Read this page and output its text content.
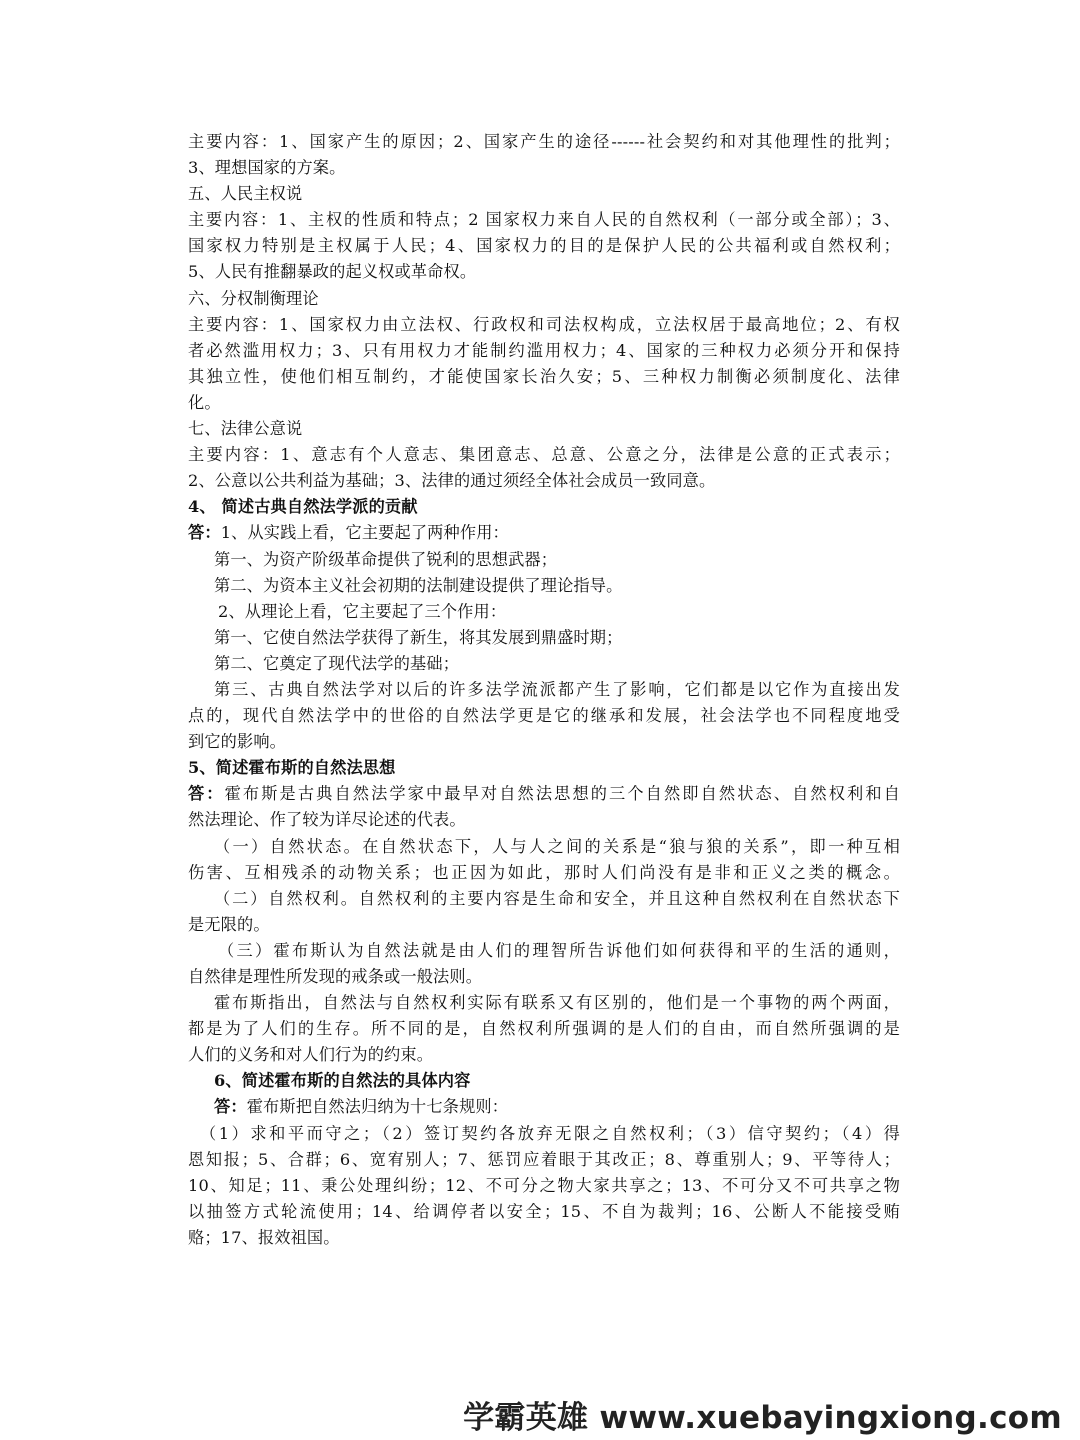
主要内容：1、国家产生的原因；2、国家产生的途径------社会契约和对其他理性的批判；
3、理想国家的方案。
五、人民主权说
主要内容：1、主权的性质和特点；2 国家权力来自人民的自然权利（一部分或全部）；3、
国家权力特别是主权属于人民；4、国家权力的目的是保护人民的公共福利或自然权利；
5、人民有推翻暴政的起义权或革命权。
六、分权制衡理论
主要内容：1、国家权力由立法权、行政权和司法权构成，立法权居于最高地位；2、有权
者必然滥用权力；3、只有用权力才能制约滥用权力；4、国家的三种权力必须分开和保持
其独立性，使他们相互制约，才能使国家长治久安；5、三种权力制衡必须制度化、法律
化。
七、法律公意说
主要内容：1、意志有个人意志、集团意志、总意、公意之分，法律是公意的正式表示；
2、公意以公共利益为基础；3、法律的通过须经全体社会成员一致同意。
4、 简述古典自然法学派的贡献
答：1、从实践上看，它主要起了两种作用：
第一、为资产阶级革命提供了锐利的思想武器；
第二、为资本主义社会初期的法制建设提供了理论指导。
2、从理论上看，它主要起了三个作用：
第一、它使自然法学获得了新生，将其发展到鼎盛时期；
第二、它奠定了现代法学的基础；
第三、古典自然法学对以后的许多法学流派都产生了影响，它们都是以它作为直接出发
点的，现代自然法学中的世俗的自然法学更是它的继承和发展，社会法学也不同程度地受
到它的影响。
5、简述霍布斯的自然法思想
答：霍布斯是古典自然法学家中最早对自然法思想的三个自然即自然状态、自然权利和自
然法理论、作了较为详尽论述的代表。
（一）自然状态。在自然状态下，人与人之间的关系是“狼与狼的关系”，即一种互相
伤害、互相残杀的动物关系；也正因为如此，那时人们尚没有是非和正义之类的概念。
（二）自然权利。自然权利的主要内容是生命和安全，并且这种自然权利在自然状态下
是无限的。
（三）霍布斯认为自然法就是由人们的理智所告诉他们如何获得和平的生活的通则，
自然律是理性所发现的戒条或一般法则。
霍布斯指出，自然法与自然权利实际有联系又有区别的，他们是一个事物的两个两面，
都是为了人们的生存。所不同的是，自然权利所强调的是人们的自由，而自然所强调的是
人们的义务和对人们行为的约束。
6、简述霍布斯的自然法的具体内容
答：霍布斯把自然法归纳为十七条规则：
（1）求和平而守之；（2）签订契约各放弃无限之自然权利；（3）信守契约；（4）得
恩知报；5、合群；6、宽宥别人；7、惩罚应着眼于其改正；8、尊重别人；9、平等待人；
10、知足；11、秉公处理纠纷；12、不可分之物大家共享之；13、不可分又不可共享之物
以抽签方式轮流使用；14、给调停者以安全；15、不自为裁判；16、公断人不能接受贿
赂；17、报效祖国。
学霸英雄 www.xuebayingxiong.com
